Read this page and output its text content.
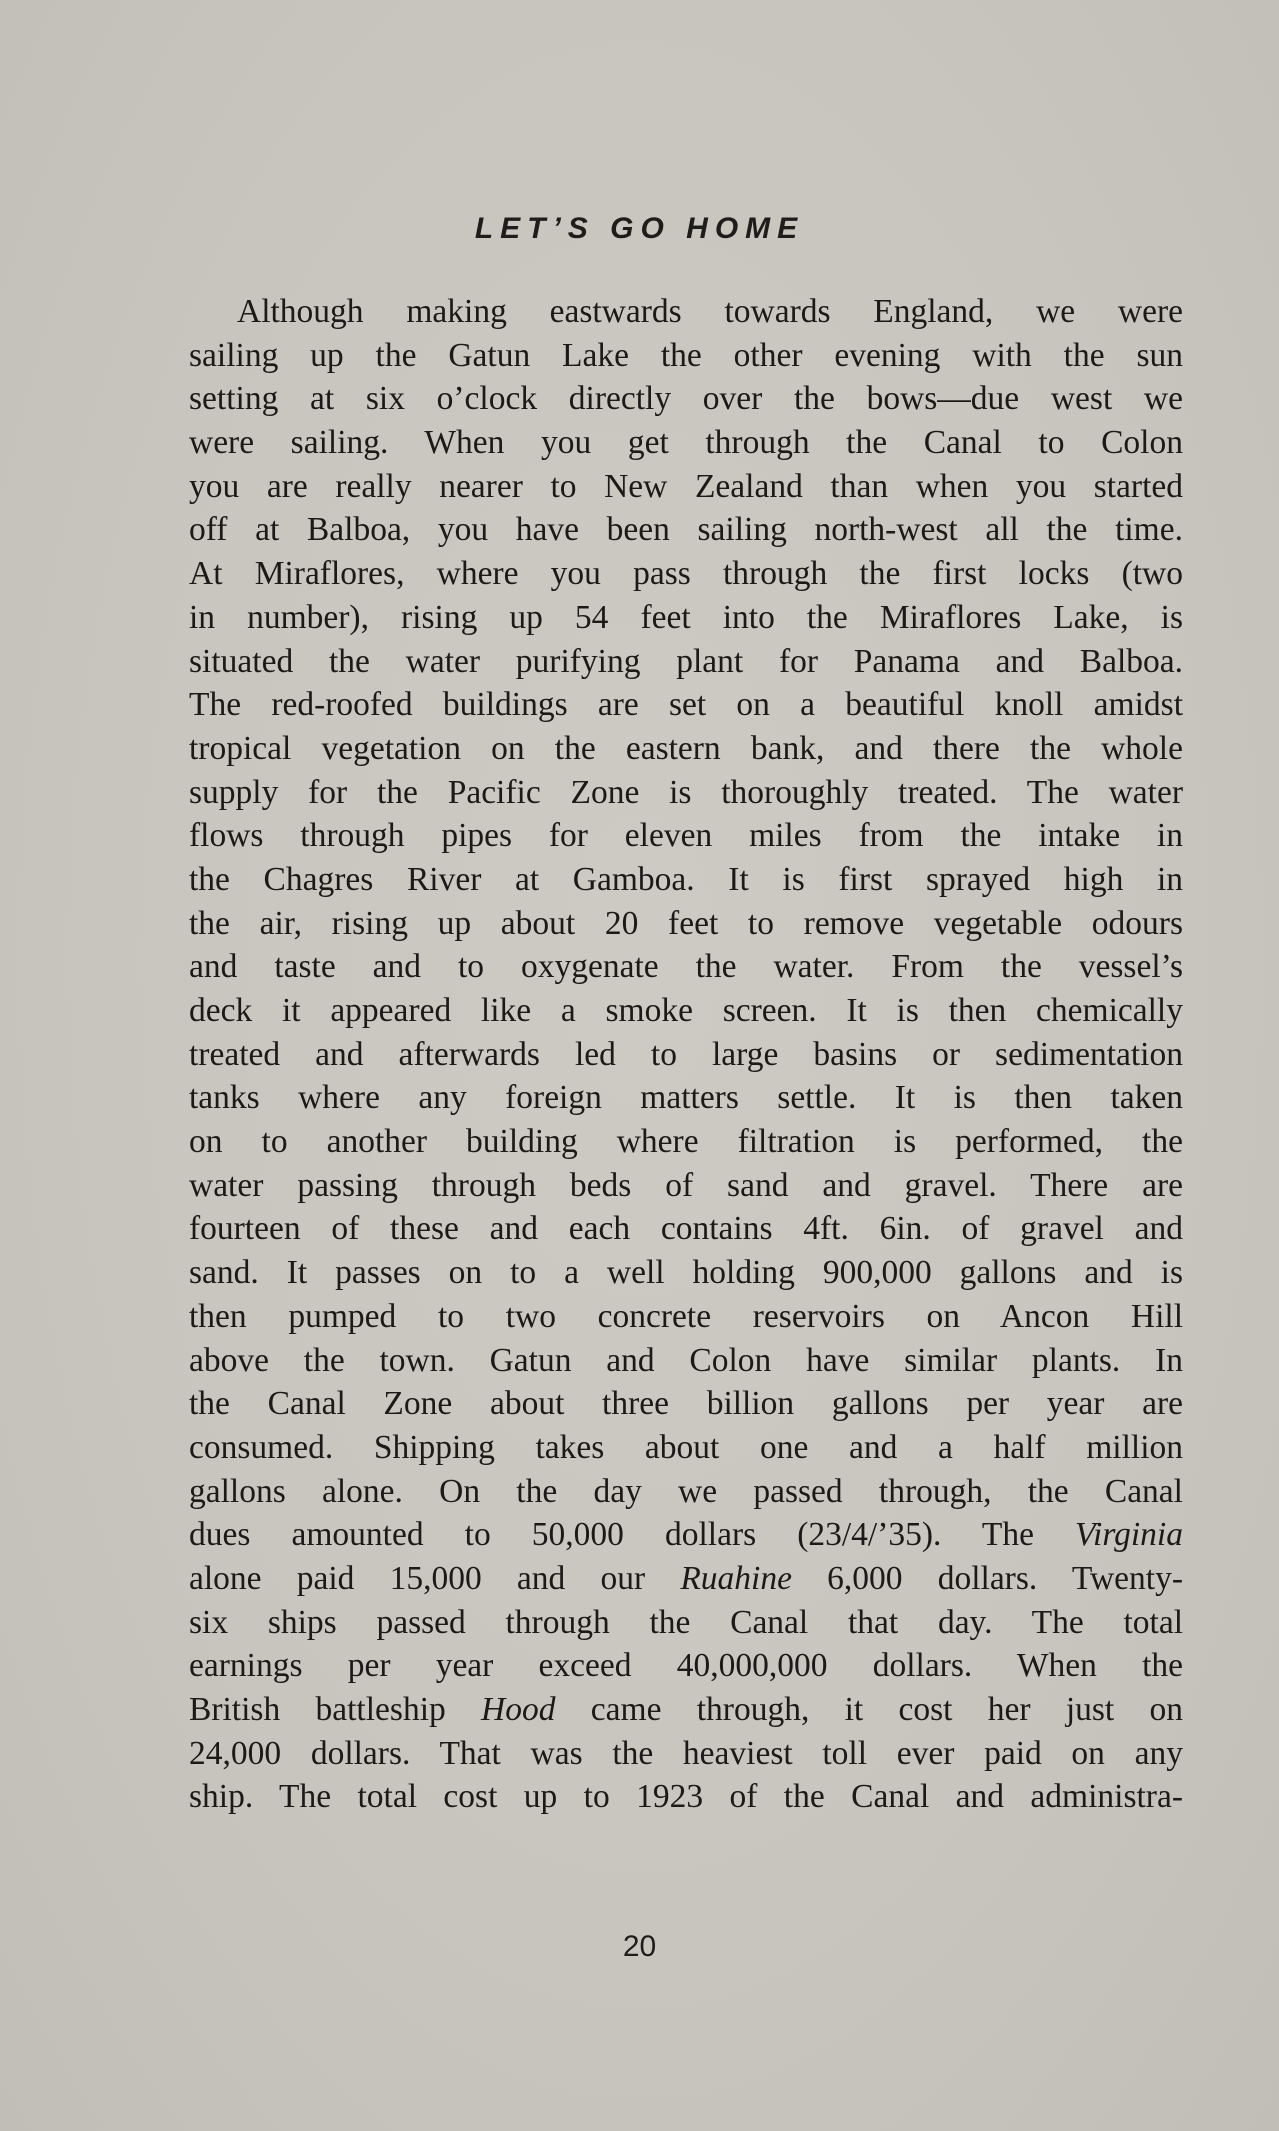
LET’S GO HOME
Although making eastwards towards England, we were
sailing up the Gatun Lake the other evening with the sun
setting at six o’clock directly over the bows—due west we
were sailing. When you get through the Canal to Colon
you are really nearer to New Zealand than when you started
off at Balboa, you have been sailing north-west all the time.
At Miraflores, where you pass through the first locks (two
in number), rising up 54 feet into the Miraflores Lake, is
situated the water purifying plant for Panama and Balboa.
The red-roofed buildings are set on a beautiful knoll amidst
tropical vegetation on the eastern bank, and there the whole
supply for the Pacific Zone is thoroughly treated. The water
flows through pipes for eleven miles from the intake in
the Chagres River at Gamboa. It is first sprayed high in
the air, rising up about 20 feet to remove vegetable odours
and taste and to oxygenate the water. From the vessel’s
deck it appeared like a smoke screen. It is then chemically
treated and afterwards led to large basins or sedimentation
tanks where any foreign matters settle. It is then taken
on to another building where filtration is performed, the
water passing through beds of sand and gravel. There are
fourteen of these and each contains 4ft. 6in. of gravel and
sand. It passes on to a well holding 900,000 gallons and is
then pumped to two concrete reservoirs on Ancon Hill
above the town. Gatun and Colon have similar plants. In
the Canal Zone about three billion gallons per year are
consumed. Shipping takes about one and a half million
gallons alone. On the day we passed through, the Canal
dues amounted to 50,000 dollars (23/4/’35). The Virginia
alone paid 15,000 and our Ruahine 6,000 dollars. Twenty-
six ships passed through the Canal that day. The total
earnings per year exceed 40,000,000 dollars. When the
British battleship Hood came through, it cost her just on
24,000 dollars. That was the heaviest toll ever paid on any
ship. The total cost up to 1923 of the Canal and administra-
20
